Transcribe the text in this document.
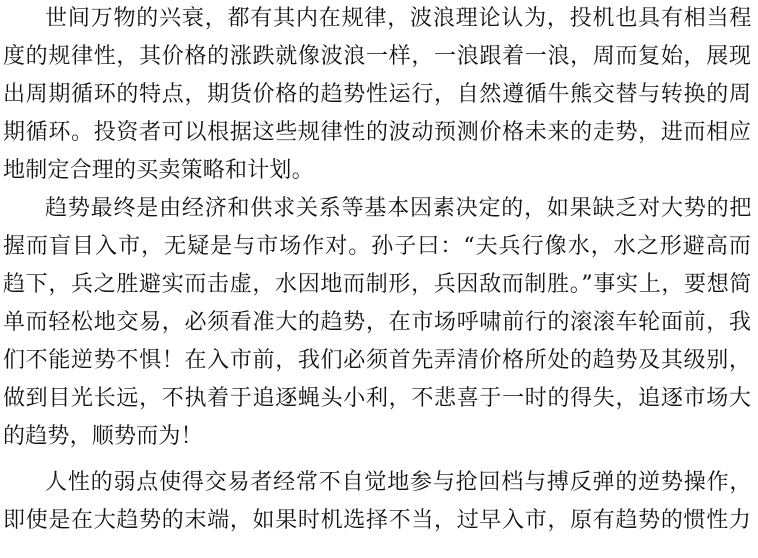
世间万物的兴衰，都有其内在规律，波浪理论认为，投机也具有相当程
度的规律性，其价格的涨跌就像波浪一样，一浪跟着一浪，周而复始，展现
出周期循环的特点，期货价格的趋势性运行，自然遵循牛熊交替与转换的周
期循环。投资者可以根据这些规律性的波动预测价格未来的走势，进而相应
地制定合理的买卖策略和计划。
趋势最终是由经济和供求关系等基本因素决定的，如果缺乏对大势的把
握而盲目入市，无疑是与市场作对。孙子曰：“夫兵行像水，水之形避高而
趋下，兵之胜避实而击虚，水因地而制形，兵因敌而制胜。”事实上，要想简
单而轻松地交易，必须看准大的趋势，在市场呼啸前行的滚滚车轮面前，我
们不能逆势不惧！在入市前，我们必须首先弄清价格所处的趋势及其级别，
做到目光长远，不执着于追逐蝇头小利，不悲喜于一时的得失，追逐市场大
的趋势，顺势而为！
人性的弱点使得交易者经常不自觉地参与抢回档与搏反弹的逆势操作，
即使是在大趋势的末端，如果时机选择不当，过早入市，原有趋势的惯性力
